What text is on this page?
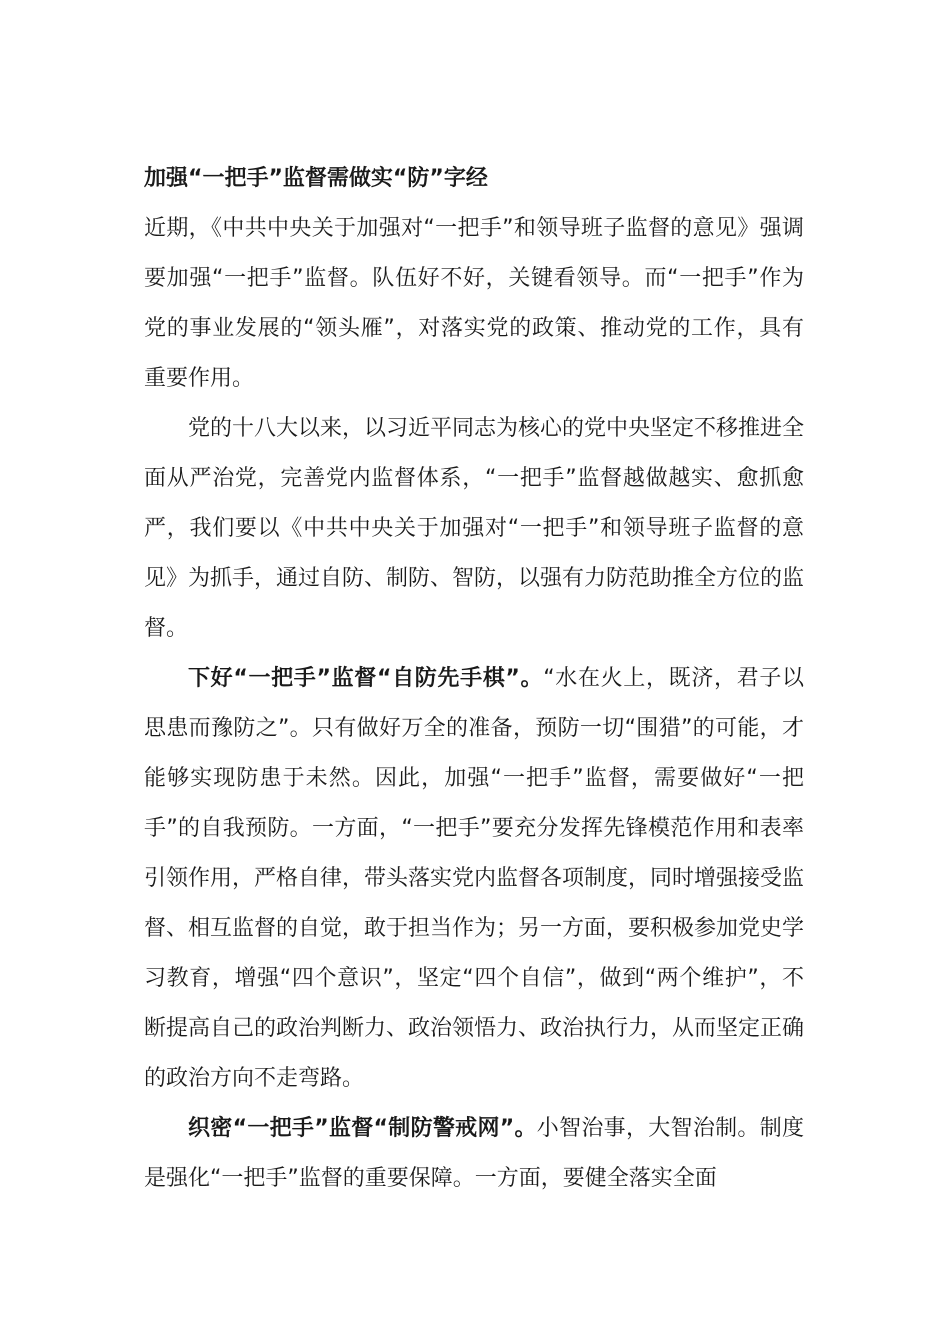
加强“一把手”监督需做实“防”字经

近期，《中共中央关于加强对“一把手”和领导班子监督的意见》强调要加强“一把手”监督。队伍好不好，关键看领导。而“一把手”作为党的事业发展的“领头雁”，对落实党的政策、推动党的工作，具有重要作用。

党的十八大以来，以习近平同志为核心的党中央坚定不移推进全面从严治党，完善党内监督体系，“一把手”监督越做越实、愈抓愈严，我们要以《中共中央关于加强对“一把手”和领导班子监督的意见》为抓手，通过自防、制防、智防，以强有力防范助推全方位的监督。

下好“一把手”监督“自防先手棋”。“水在火上，既济，君子以思患而豫防之”。只有做好万全的准备，预防一切“围猎”的可能，才能够实现防患于未然。因此，加强“一把手”监督，需要做好“一把手”的自我预防。一方面，“一把手”要充分发挥先锋模范作用和表率引领作用，严格自律，带头落实党内监督各项制度，同时增强接受监督、相互监督的自觉，敢于担当作为；另一方面，要积极参加党史学习教育，增强“四个意识”，坚定“四个自信”，做到“两个维护”，不断提高自己的政治判断力、政治领悟力、政治执行力，从而坚定正确的政治方向不走弯路。

织密“一把手”监督“制防警戒网”。小智治事，大智治制。制度是强化“一把手”监督的重要保障。一方面，要健全落实全面
